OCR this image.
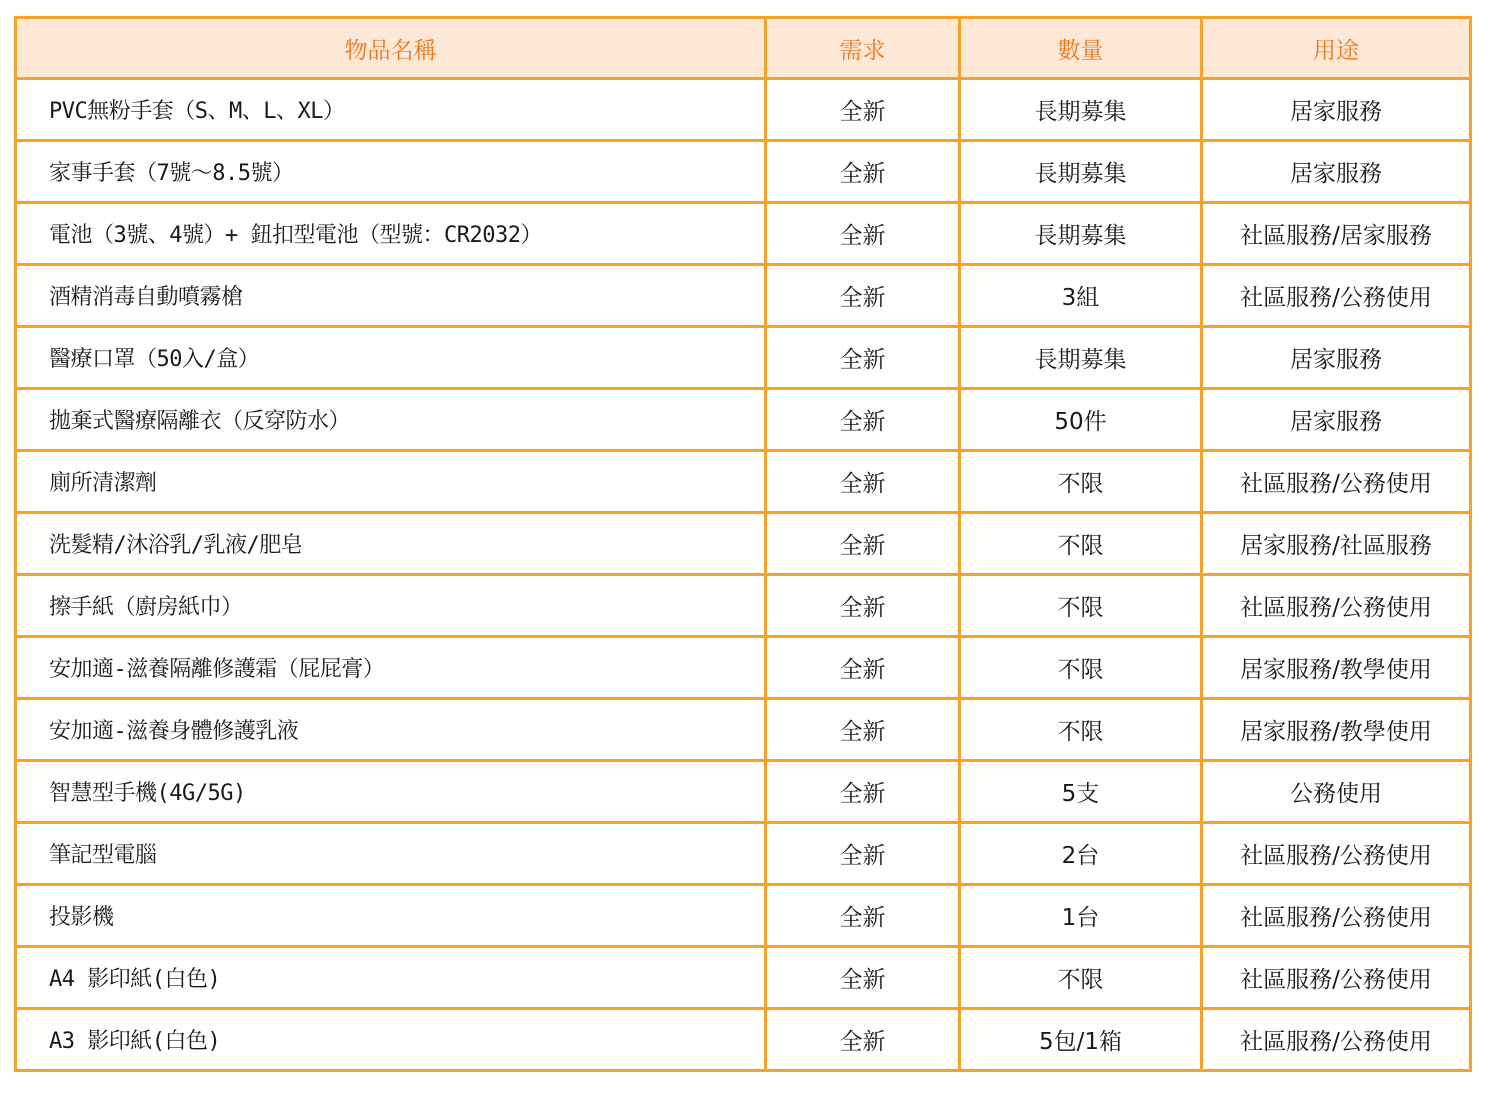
物品名稱	需求	數量	用途
PVC無粉手套（S、M、L、XL）	全新	長期募集	居家服務
家事手套（7號～8.5號）	全新	長期募集	居家服務
電池（3號、4號）+ 鈕扣型電池（型號：CR2032）	全新	長期募集	社區服務/居家服務
酒精消毒自動噴霧槍	全新	3組	社區服務/公務使用
醫療口罩（50入/盒）	全新	長期募集	居家服務
拋棄式醫療隔離衣（反穿防水）	全新	50件	居家服務
廁所清潔劑	全新	不限	社區服務/公務使用
洗髮精/沐浴乳/乳液/肥皂	全新	不限	居家服務/社區服務
擦手紙（廚房紙巾）	全新	不限	社區服務/公務使用
安加適-滋養隔離修護霜（屁屁膏）	全新	不限	居家服務/教學使用
安加適-滋養身體修護乳液	全新	不限	居家服務/教學使用
智慧型手機(4G/5G)	全新	5支	公務使用
筆記型電腦	全新	2台	社區服務/公務使用
投影機	全新	1台	社區服務/公務使用
A4 影印紙(白色)	全新	不限	社區服務/公務使用
A3 影印紙(白色)	全新	5包/1箱	社區服務/公務使用
